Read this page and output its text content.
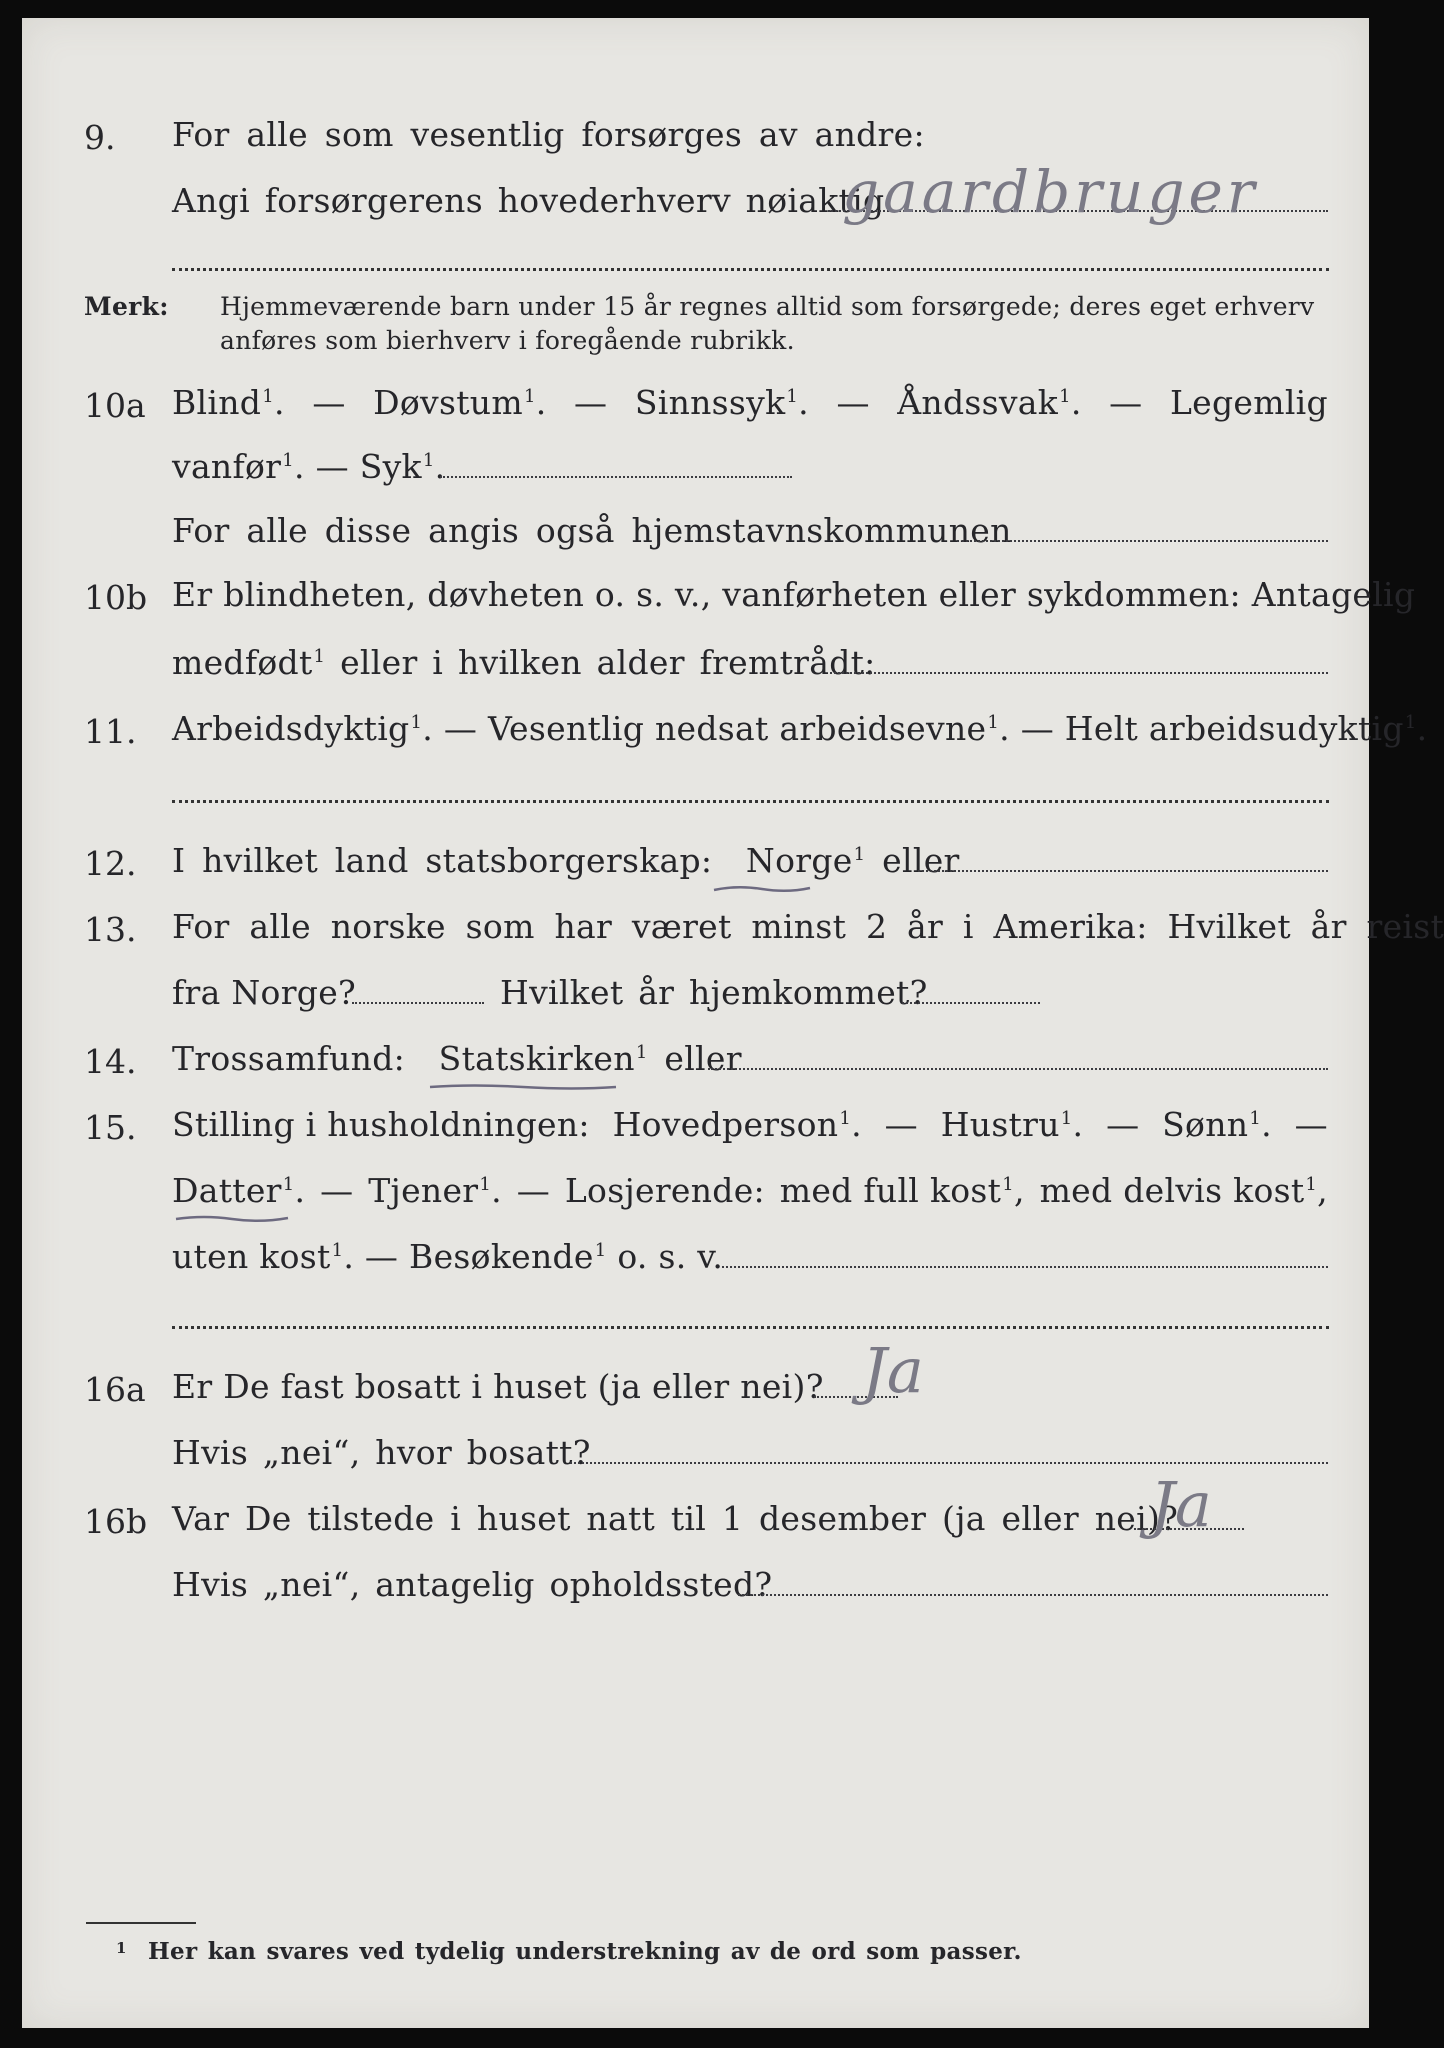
9. For alle som vesentlig forsørges av andre:
Angi forsørgerens hovederhverv nøiaktig
gaardbruger
Merk: Hjemmeværende barn under 15 år regnes alltid som forsørgede; deres eget erhverv
anføres som bierhverv i foregående rubrikk.
10a Blind$^1$. — Døvstum$^1$. — Sinnssyk$^1$. — Åndssvak$^1$. — Legemlig
vanfør$^1$. — Syk$^1$.
For alle disse angis også hjemstavnskommunen
10b Er blindheten, døvheten o. s. v., vanførheten eller sykdommen: Antagelig
medfødt$^1$ eller i hvilken alder fremtrådt:
11. Arbeidsdyktig$^1$. — Vesentlig nedsat arbeidsevne$^1$. — Helt arbeidsudyktig$^1$.
12. I hvilket land statsborgerskap: Norge$^1$ eller
13. For alle norske som har været minst 2 år i Amerika: Hvilket år reist
fra Norge?	Hvilket år hjemkommet?
14. Trossamfund: Statskirken$^1$ eller
15. Stilling i husholdningen: Hovedperson$^1$. — Hustru$^1$. — Sønn$^1$. —
Datter$^1$. — Tjener$^1$. — Losjerende: med full kost$^1$, med delvis kost$^1$,
uten kost$^1$. — Besøkende$^1$ o. s. v.
16a Er De fast bosatt i huset (ja eller nei)? Ja
Hvis „nei“, hvor bosatt?
16b Var De tilstede i huset natt til 1 desember (ja eller nei)?
Ja
Hvis „nei“, antagelig opholdssted?
1 Her kan svares ved tydelig understrekning av de ord som passer.
